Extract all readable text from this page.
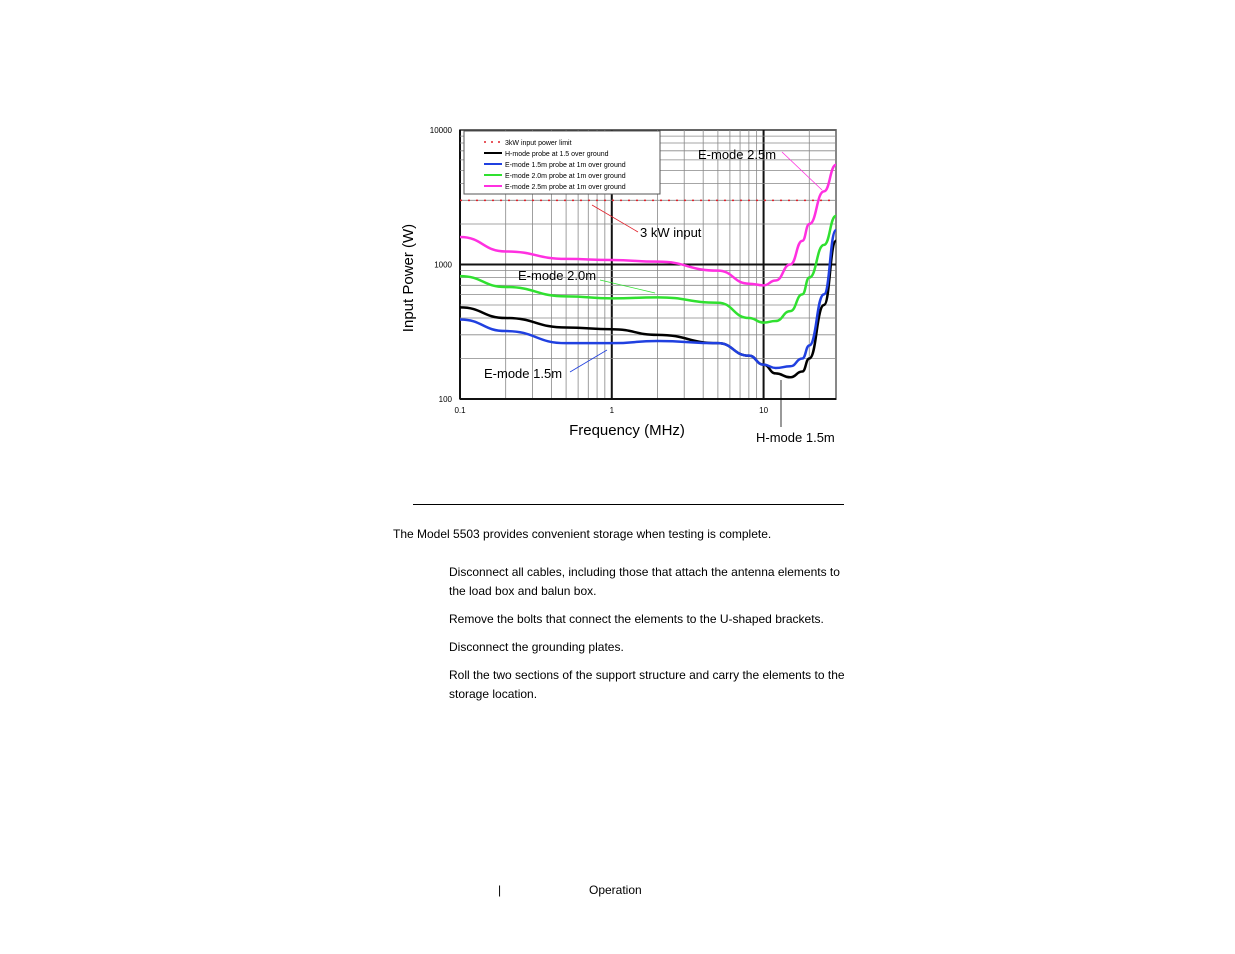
100
1000
10000
0.1	1	10
3kW input power limit
H-mode probe at 1.5 over ground
E-mode 1.5m probe at 1m over ground
E-mode 2.0m probe at 1m over ground
E-mode 2.5m probe at 1m over ground
E-mode 2.5m
3 kW input
E-mode 2.0m
E-mode 1.5m
H-mode 1.5m
Input Power (W)
Frequency (MHz)
The Model 5503 provides convenient storage when testing is complete.
Disconnect all cables, including those that attach the antenna elements to the load box and balun box.
Remove the bolts that connect the elements to the U-shaped brackets.
Disconnect the grounding plates.
Roll the two sections of the support structure and carry the elements to the storage location.
|	Operation
